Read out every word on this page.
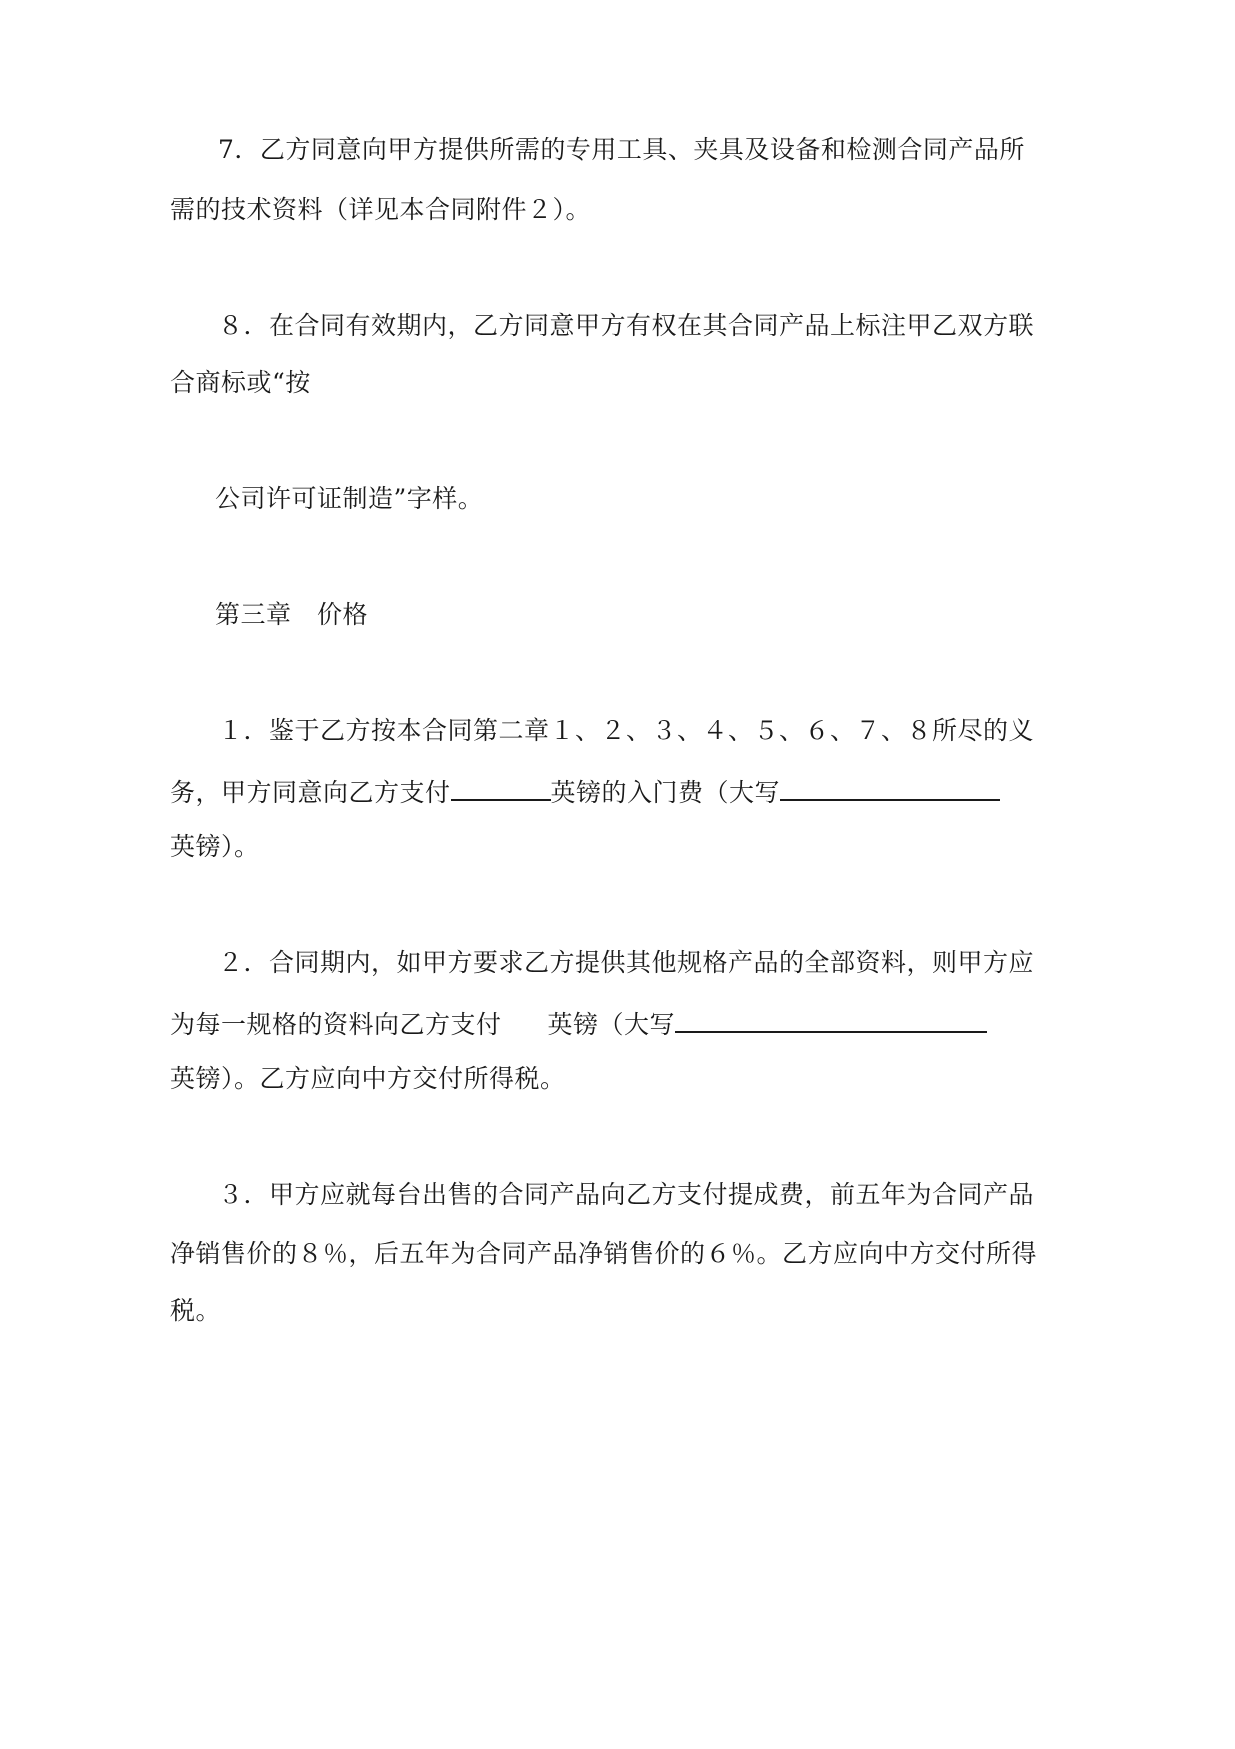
7．乙方同意向甲方提供所需的专用工具、夹具及设备和检测合同产品所
需的技术资料（详见本合同附件２）。
８．在合同有效期内，乙方同意甲方有权在其合同产品上标注甲乙双方联
合商标或“按
公司许可证制造”字样。
第三章　价格
１．鉴于乙方按本合同第二章１、２、３、４、５、６、７、８所尽的义
务，甲方同意向乙方支付	英镑的入门费（大写
英镑）。
２．合同期内，如甲方要求乙方提供其他规格产品的全部资料，则甲方应
为每一规格的资料向乙方支付 英镑（大写
英镑）。乙方应向中方交付所得税。
３．甲方应就每台出售的合同产品向乙方支付提成费，前五年为合同产品
净销售价的８％，后五年为合同产品净销售价的６％。乙方应向中方交付所得
税。
